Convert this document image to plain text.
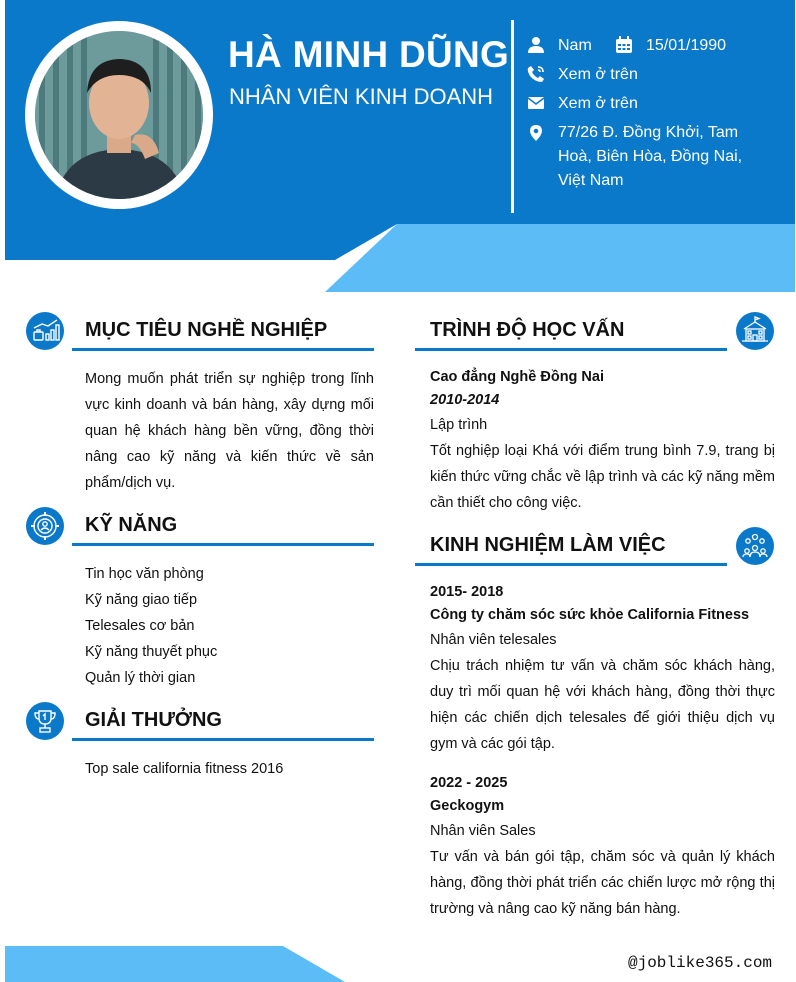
HÀ MINH DŨNG
NHÂN VIÊN KINH DOANH
Nam	15/01/1990
Xem ở trên
Xem ở trên
77/26 Đ. Đồng Khởi, Tam
Hoà, Biên Hòa, Đồng Nai,
Việt Nam
MỤC TIÊU NGHỀ NGHIỆP
Mong muốn phát triển sự nghiệp trong lĩnh vực kinh doanh và bán hàng, xây dựng mối quan hệ khách hàng bền vững, đồng thời nâng cao kỹ năng và kiến thức về sản phẩm/dịch vụ.
KỸ NĂNG
Tin học văn phòng
Kỹ năng giao tiếp
Telesales cơ bản
Kỹ năng thuyết phục
Quản lý thời gian
GIẢI THƯỞNG
Top sale california fitness 2016
TRÌNH ĐỘ HỌC VẤN
Cao đẳng Nghề Đồng Nai
2010-2014
Lập trình
Tốt nghiệp loại Khá với điểm trung bình 7.9, trang bị kiến thức vững chắc về lập trình và các kỹ năng mềm cần thiết cho công việc.
KINH NGHIỆM LÀM VIỆC
2015- 2018
Công ty chăm sóc sức khỏe California Fitness
Nhân viên telesales
Chịu trách nhiệm tư vấn và chăm sóc khách hàng, duy trì mối quan hệ với khách hàng, đồng thời thực hiện các chiến dịch telesales để giới thiệu dịch vụ gym và các gói tập.
2022 - 2025
Geckogym
Nhân viên Sales
Tư vấn và bán gói tập, chăm sóc và quản lý khách hàng, đồng thời phát triển các chiến lược mở rộng thị trường và nâng cao kỹ năng bán hàng.
@joblike365.com
